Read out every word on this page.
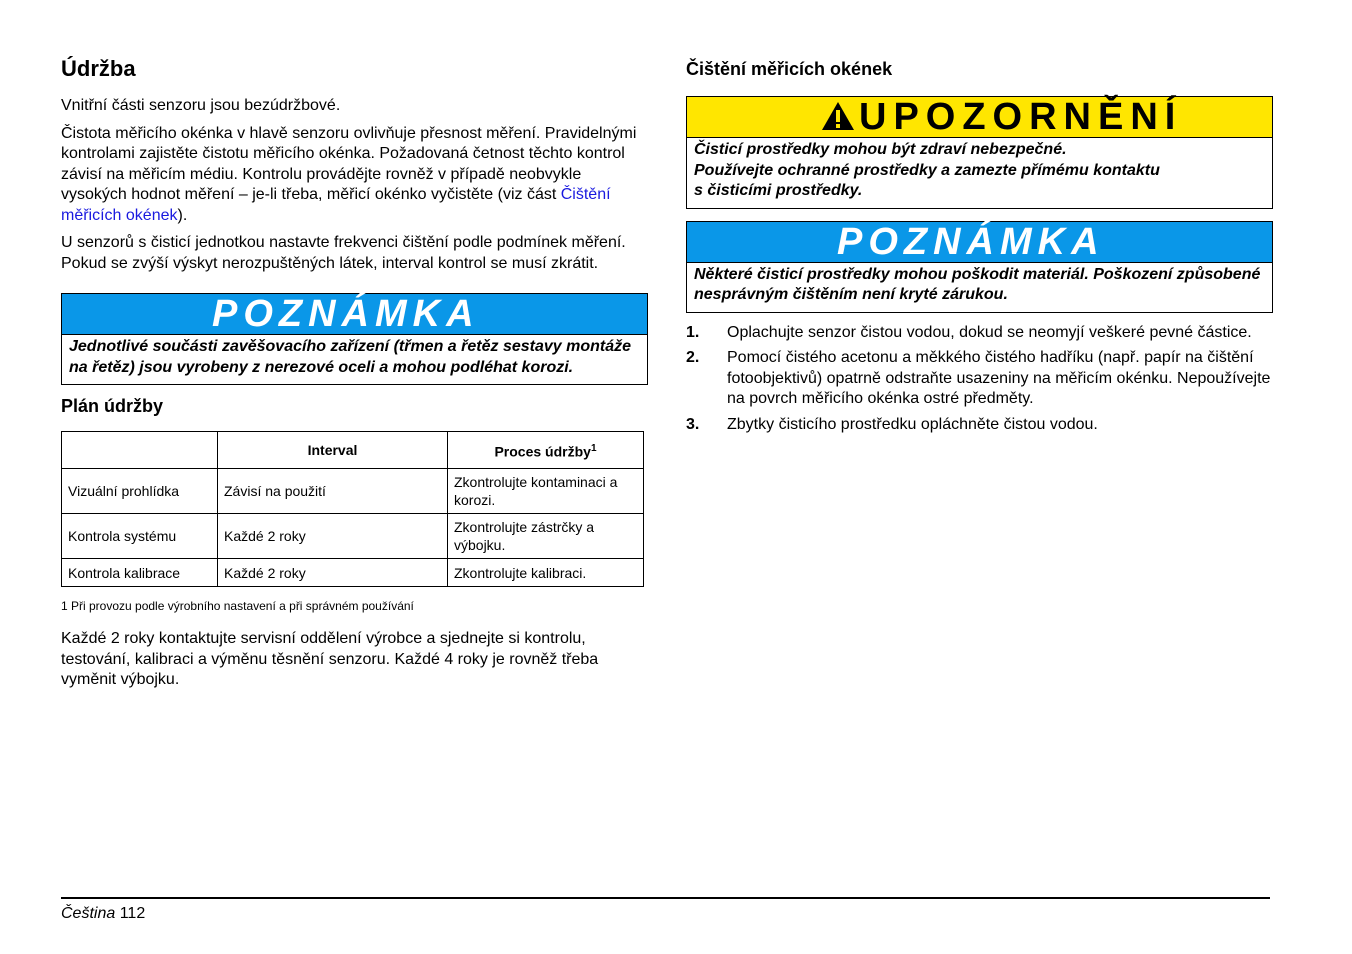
Údržba

Vnitřní části senzoru jsou bezúdržbové.

Čistota měřicího okénka v hlavě senzoru ovlivňuje přesnost měření. Pravidelnými kontrolami zajistěte čistotu měřicího okénka. Požadovaná četnost těchto kontrol závisí na měřicím médiu. Kontrolu provádějte rovněž v případě neobvykle vysokých hodnot měření – je-li třeba, měřicí okénko vyčistěte (viz část Čištění měřicích okének).

U senzorů s čisticí jednotkou nastavte frekvenci čištění podle podmínek měření. Pokud se zvýší výskyt nerozpuštěných látek, interval kontrol se musí zkrátit.

POZNÁMKA
Jednotlivé součásti zavěšovacího zařízení (třmen a řetěz sestavy montáže na řetěz) jsou vyrobeny z nerezové oceli a mohou podléhat korozi.
Plán údržby
	Interval	Proces údržby$^1$
Vizuální prohlídka	Závisí na použití	Zkontrolujte kontaminaci a korozi.
Kontrola systému	Každé 2 roky	Zkontrolujte zástrčky a výbojku.
Kontrola kalibrace	Každé 2 roky	Zkontrolujte kalibraci.
1 Při provozu podle výrobního nastavení a při správném používání

Každé 2 roky kontaktujte servisní oddělení výrobce a sjednejte si kontrolu, testování, kalibraci a výměnu těsnění senzoru. Každé 4 roky je rovněž třeba vyměnit výbojku.

Čištění měřicích okének
UPOZORNĚNÍ
Čisticí prostředky mohou být zdraví nebezpečné.
Používejte ochranné prostředky a zamezte přímému kontaktu
s čisticími prostředky.
POZNÁMKA
Některé čisticí prostředky mohou poškodit materiál. Poškození způsobené nesprávným čištěním není kryté zárukou.
1. Oplachujte senzor čistou vodou, dokud se neomyjí veškeré pevné částice.
2. Pomocí čistého acetonu a měkkého čistého hadříku (např. papír na čištění fotoobjektivů) opatrně odstraňte usazeniny na měřicím okénku. Nepoužívejte na povrch měřicího okénka ostré předměty.
3. Zbytky čisticího prostředku opláchněte čistou vodou.
Čeština 112
